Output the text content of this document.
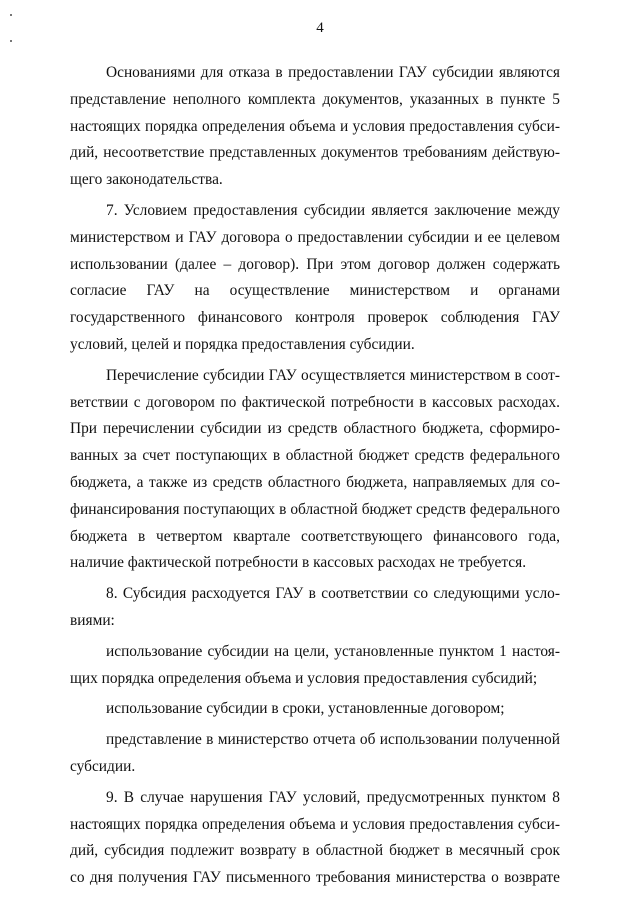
4
Основаниями для отказа в предоставлении ГАУ субсидии являются
представление неполного комплекта документов, указанных в пункте 5
настоящих порядка определения объема и условия предоставления субси-
дий, несоответствие представленных документов требованиям действую-
щего законодательства.
7. Условием предоставления субсидии является заключение между
министерством и ГАУ договора о предоставлении субсидии и ее целевом
использовании (далее – договор). При этом договор должен содержать
согласие ГАУ на осуществление министерством и органами
государственного финансового контроля проверок соблюдения ГАУ
условий, целей и порядка предоставления субсидии.
Перечисление субсидии ГАУ осуществляется министерством в соот-
ветствии с договором по фактической потребности в кассовых расходах.
При перечислении субсидии из средств областного бюджета, сформиро-
ванных за счет поступающих в областной бюджет средств федерального
бюджета, а также из средств областного бюджета, направляемых для со-
финансирования поступающих в областной бюджет средств федерального
бюджета в четвертом квартале соответствующего финансового года,
наличие фактической потребности в кассовых расходах не требуется.
8. Субсидия расходуется ГАУ в соответствии со следующими усло-
виями:
использование субсидии на цели, установленные пунктом 1 настоя-
щих порядка определения объема и условия предоставления субсидий;
использование субсидии в сроки, установленные договором;
представление в министерство отчета об использовании полученной
субсидии.
9. В случае нарушения ГАУ условий, предусмотренных пунктом 8
настоящих порядка определения объема и условия предоставления субси-
дий, субсидия подлежит возврату в областной бюджет в месячный срок
со дня получения ГАУ письменного требования министерства о возврате
